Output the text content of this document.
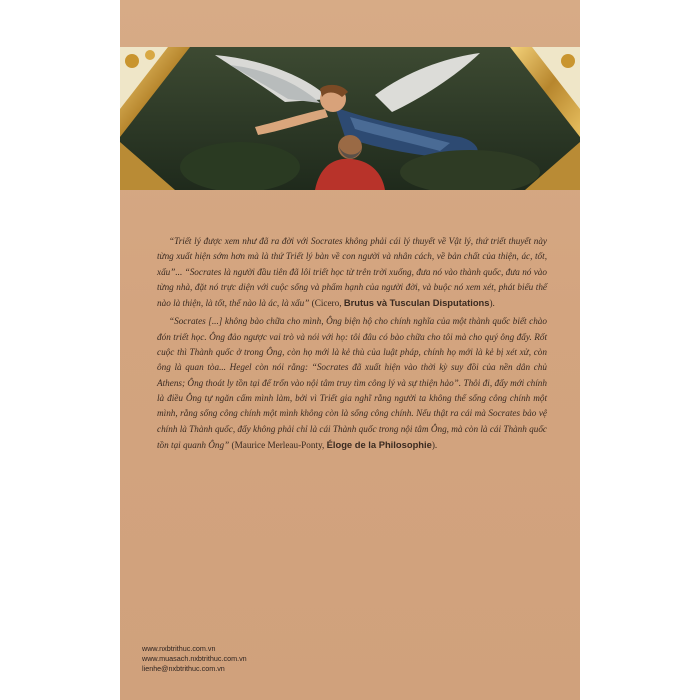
“Triết lý được xem như đã ra đời với Socrates không phải cái lý thuyết về Vật lý, thứ triết thuyết này từng xuất hiện sớm hơn mà là thứ Triết lý bàn về con người và nhân cách, về bản chất của thiện, ác, tốt, xấu”... “Socrates là người đầu tiên đã lôi triết học từ trên trời xuống, đưa nó vào thành quốc, đưa nó vào từng nhà, đặt nó trực diện với cuộc sống và phẩm hạnh của người đời, và buộc nó xem xét, phát biểu thế nào là thiện, là tốt, thế nào là ác, là xấu” (Cicero, Brutus và Tusculan Disputations).

“Socrates [...] không bào chữa cho mình, Ông biện hộ cho chính nghĩa của một thành quốc biết chào đón triết học. Ông đảo ngược vai trò và nói với họ: tôi đâu có bào chữa cho tôi mà cho quý ông đấy. Rốt cuộc thì Thành quốc ở trong Ông, còn họ mới là kẻ thù của luật pháp, chính họ mới là kẻ bị xét xử, còn ông là quan tòa... Hegel còn nói rằng: “Socrates đã xuất hiện vào thời kỳ suy đồi của nền dân chủ Athens; Ông thoát ly tồn tại để trốn vào nội tâm truy tìm công lý và sự thiện hảo”. Thôi đi, đấy mới chính là điều Ông tự ngăn cấm mình làm, bởi vì Triết gia nghĩ rằng người ta không thể sống công chính một mình, rằng sống công chính một mình không còn là sống công chính. Nếu thật ra cái mà Socrates bảo vệ chính là Thành quốc, đấy không phải chỉ là cái Thành quốc trong nội tâm Ông, mà còn là cái Thành quốc tồn tại quanh Ông” (Maurice Merleau-Ponty, Éloge de la Philosophie).

www.nxbtrithuc.com.vn
www.muasach.nxbtrithuc.com.vn
lienhe@nxbtrithuc.com.vn
